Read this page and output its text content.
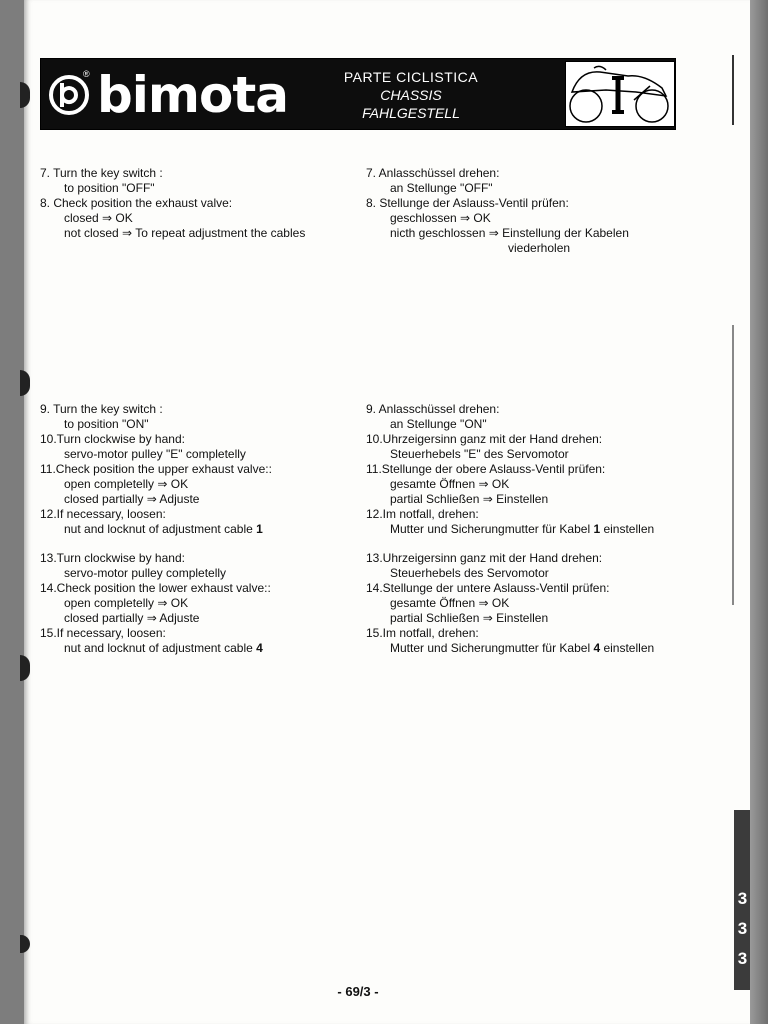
3
3
3
® bimota	PARTE CICLISTICA
CHASSIS
FAHLGESTELL
7. Turn the key switch :
to position "OFF"
8. Check position the exhaust valve:
closed ⇒ OK
not closed ⇒ To repeat adjustment the cables
7. Anlasschüssel drehen:
an Stellunge "OFF"
8. Stellunge der Aslauss-Ventil prüfen:
geschlossen ⇒ OK
nicth geschlossen ⇒ Einstellung der Kabelen
viederholen
9. Turn the key switch :
to position "ON"
10.Turn clockwise by hand:
servo-motor pulley "E" completelly
11.Check position the upper exhaust valve::
open completelly ⇒ OK
closed partially ⇒ Adjuste
12.If necessary, loosen:
nut and locknut of adjustment cable 1
9. Anlasschüssel drehen:
an Stellunge "ON"
10.Uhrzeigersinn ganz mit der Hand drehen:
Steuerhebels "E" des Servomotor
11.Stellunge der obere Aslauss-Ventil prüfen:
gesamte Öffnen ⇒ OK
partial Schließen ⇒ Einstellen
12.Im notfall, drehen:
Mutter und Sicherungmutter für Kabel 1 einstellen
13.Turn clockwise by hand:
servo-motor pulley completelly
14.Check position the lower exhaust valve::
open completelly ⇒ OK
closed partially ⇒ Adjuste
15.If necessary, loosen:
nut and locknut of adjustment cable 4
13.Uhrzeigersinn ganz mit der Hand drehen:
Steuerhebels des Servomotor
14.Stellunge der untere Aslauss-Ventil prüfen:
gesamte Öffnen ⇒ OK
partial Schließen ⇒ Einstellen
15.Im notfall, drehen:
Mutter und Sicherungmutter für Kabel 4 einstellen
- 69/3 -
